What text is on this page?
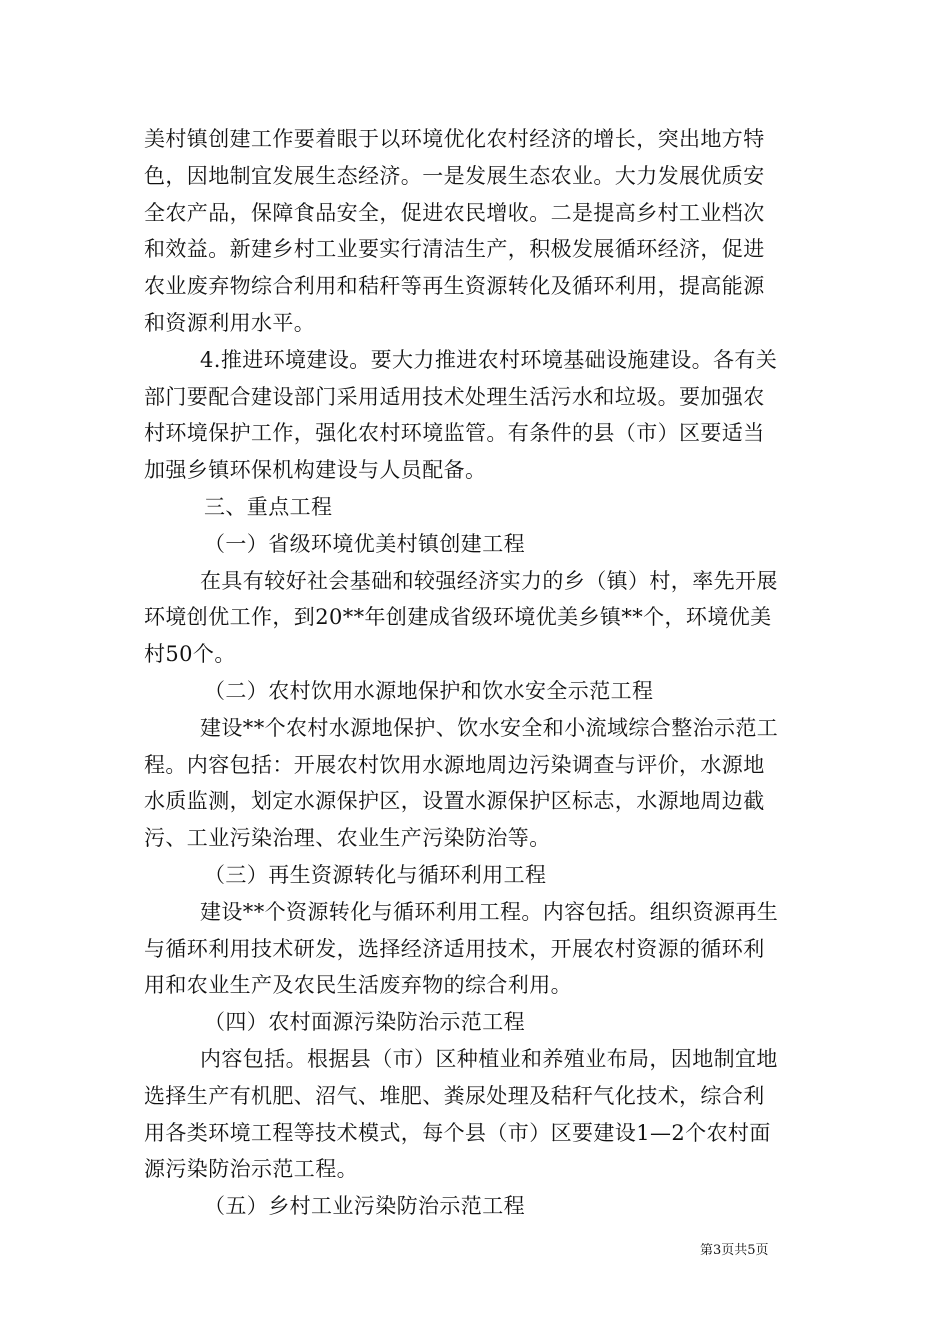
美村镇创建工作要着眼于以环境优化农村经济的增长，突出地方特
色，因地制宜发展生态经济。一是发展生态农业。大力发展优质安
全农产品，保障食品安全，促进农民增收。二是提高乡村工业档次
和效益。新建乡村工业要实行清洁生产，积极发展循环经济，促进
农业废弃物综合利用和秸秆等再生资源转化及循环利用，提高能源
和资源利用水平。
4.推进环境建设。要大力推进农村环境基础设施建设。各有关
部门要配合建设部门采用适用技术处理生活污水和垃圾。要加强农
村环境保护工作，强化农村环境监管。有条件的县（市）区要适当
加强乡镇环保机构建设与人员配备。
三、重点工程
（一）省级环境优美村镇创建工程
在具有较好社会基础和较强经济实力的乡（镇）村，率先开展
环境创优工作，到20**年创建成省级环境优美乡镇**个，环境优美
村50个。
（二）农村饮用水源地保护和饮水安全示范工程
建设**个农村水源地保护、饮水安全和小流域综合整治示范工
程。内容包括：开展农村饮用水源地周边污染调查与评价，水源地
水质监测，划定水源保护区，设置水源保护区标志，水源地周边截
污、工业污染治理、农业生产污染防治等。
（三）再生资源转化与循环利用工程
建设**个资源转化与循环利用工程。内容包括。组织资源再生
与循环利用技术研发，选择经济适用技术，开展农村资源的循环利
用和农业生产及农民生活废弃物的综合利用。
（四）农村面源污染防治示范工程
内容包括。根据县（市）区种植业和养殖业布局，因地制宜地
选择生产有机肥、沼气、堆肥、粪尿处理及秸秆气化技术，综合利
用各类环境工程等技术模式，每个县（市）区要建设1—2个农村面
源污染防治示范工程。
（五）乡村工业污染防治示范工程
第3页共5页
